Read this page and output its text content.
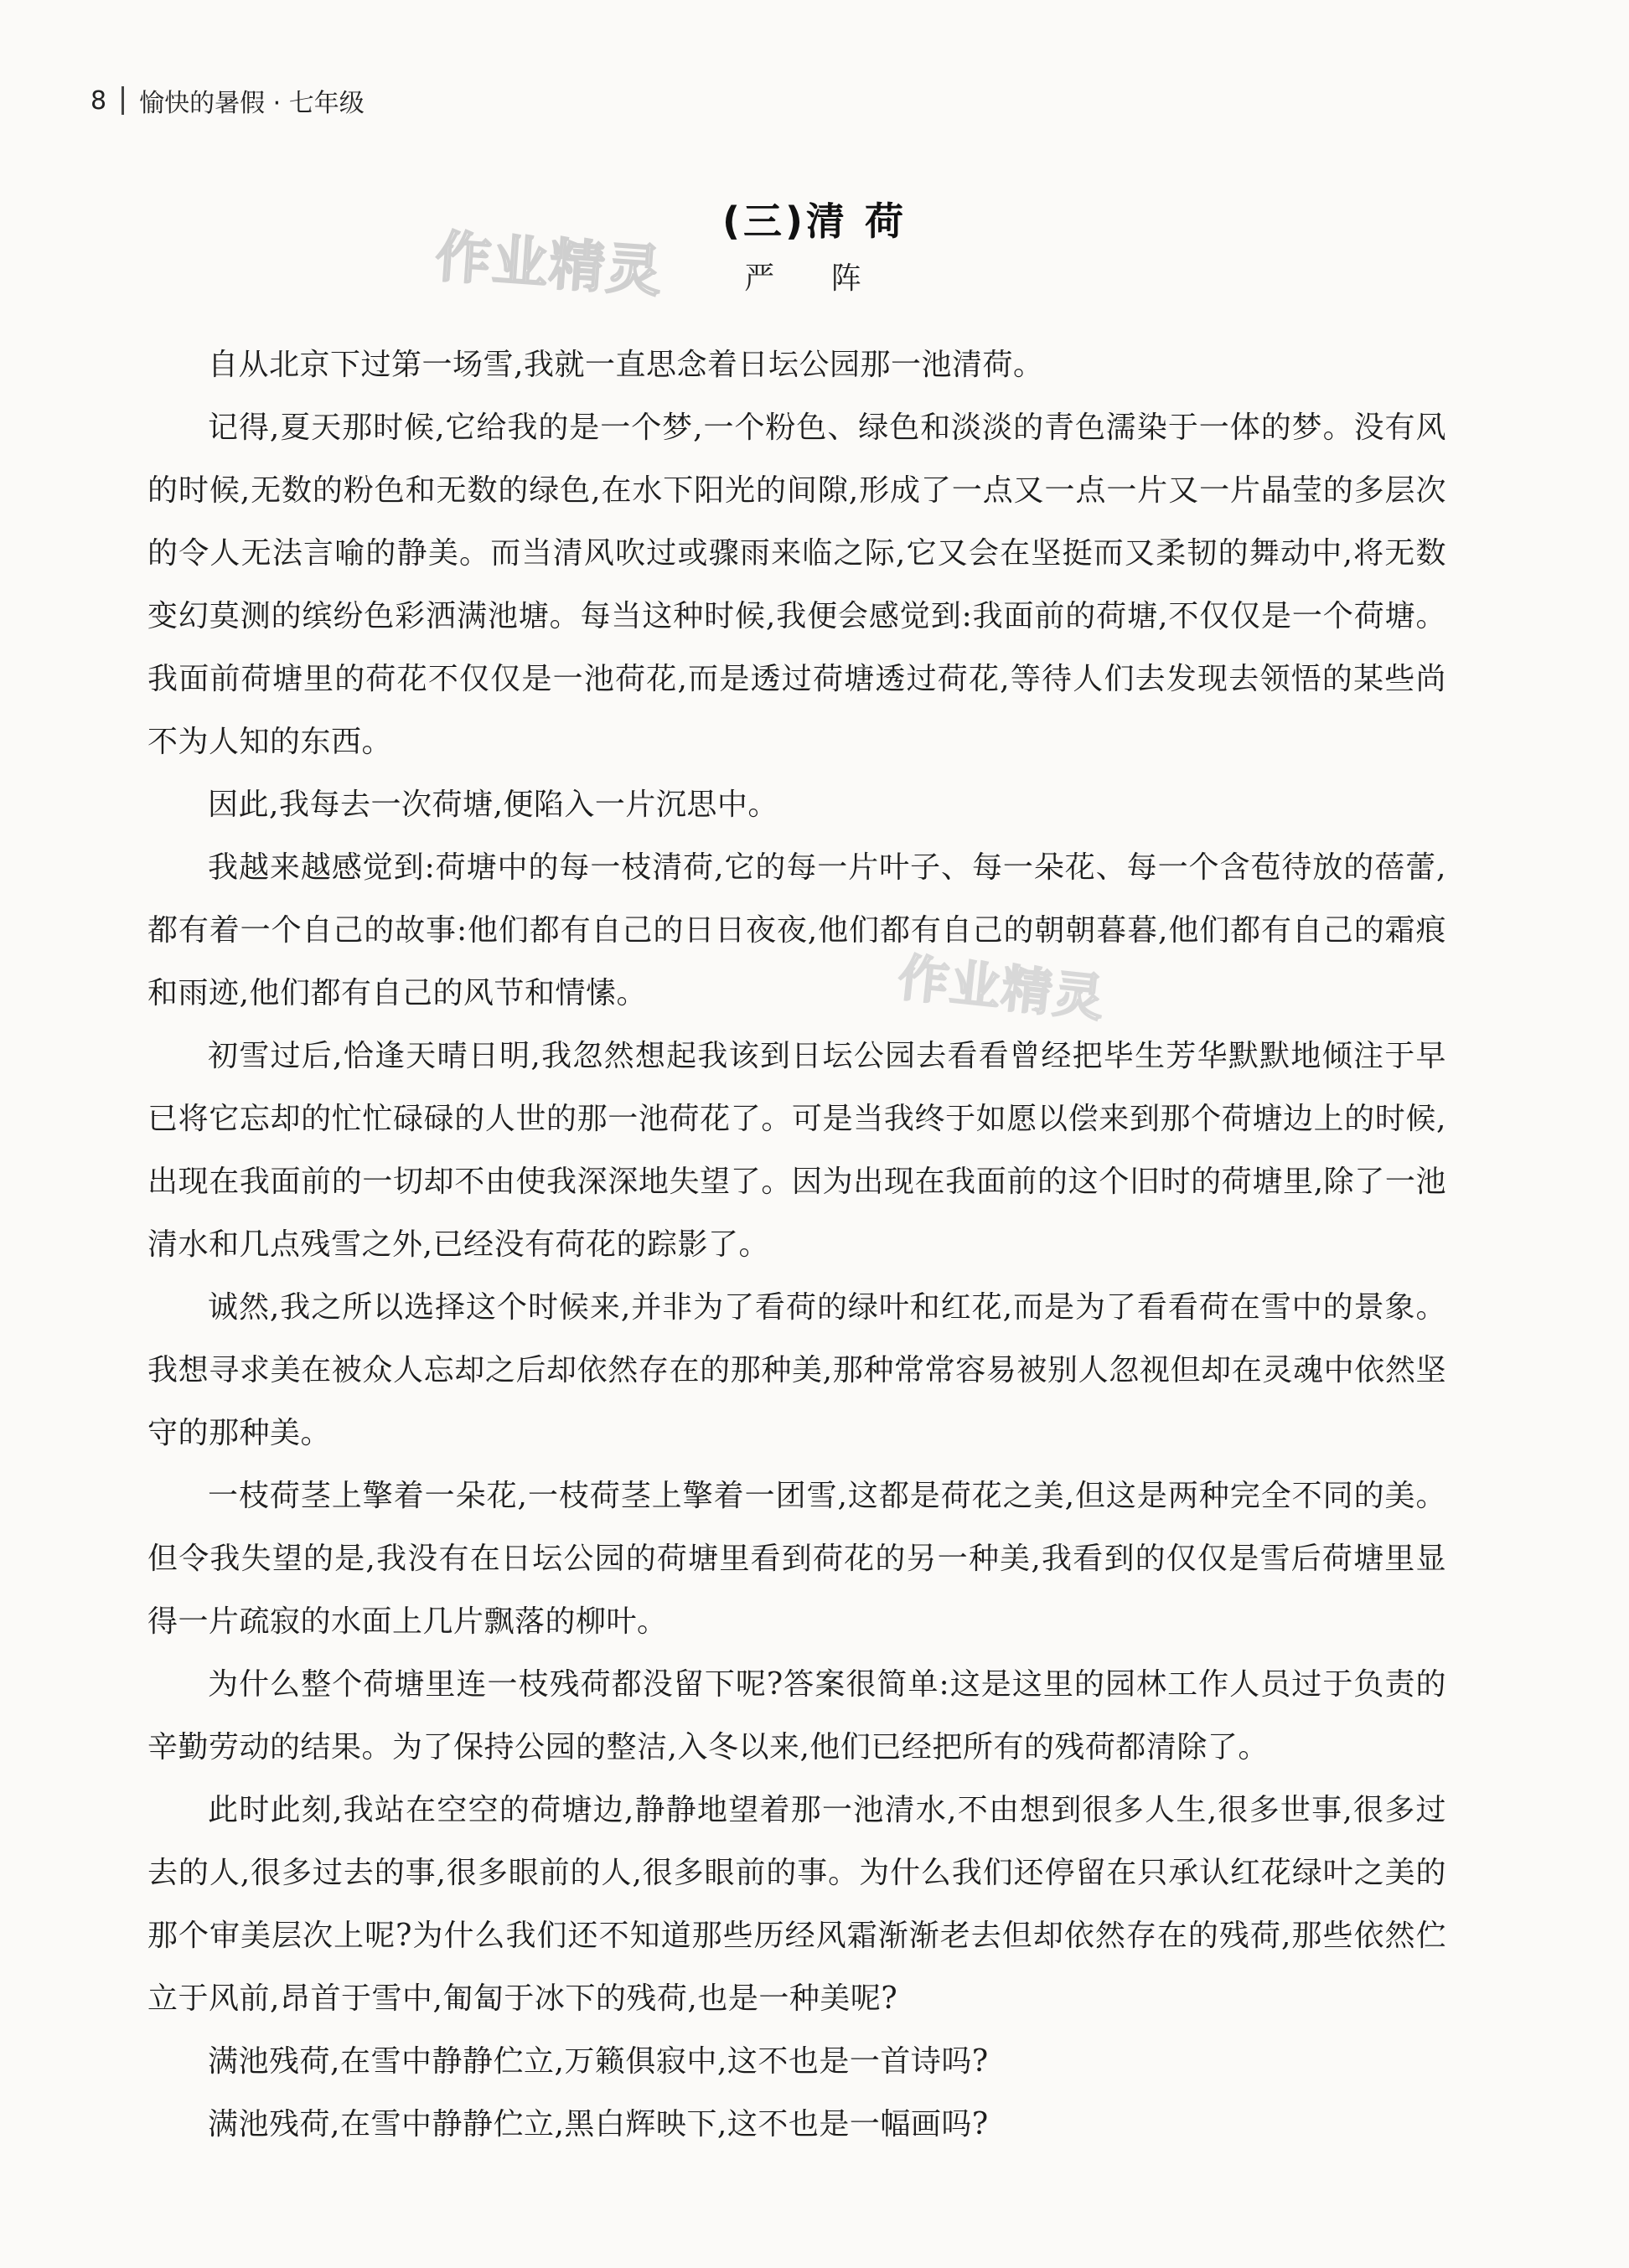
8 愉快的暑假 · 七年级
作业精灵
作业精灵
(三)清 荷
严 阵

自从北京下过第一场雪,我就一直思念着日坛公园那一池清荷。

记得,夏天那时候,它给我的是一个梦,一个粉色、绿色和淡淡的青色濡染于一体的梦。没有风的时候,无数的粉色和无数的绿色,在水下阳光的间隙,形成了一点又一点一片又一片晶莹的多层次的令人无法言喻的静美。而当清风吹过或骤雨来临之际,它又会在坚挺而又柔韧的舞动中,将无数变幻莫测的缤纷色彩洒满池塘。每当这种时候,我便会感觉到:我面前的荷塘,不仅仅是一个荷塘。我面前荷塘里的荷花不仅仅是一池荷花,而是透过荷塘透过荷花,等待人们去发现去领悟的某些尚不为人知的东西。

因此,我每去一次荷塘,便陷入一片沉思中。

我越来越感觉到:荷塘中的每一枝清荷,它的每一片叶子、每一朵花、每一个含苞待放的蓓蕾,都有着一个自己的故事:他们都有自己的日日夜夜,他们都有自己的朝朝暮暮,他们都有自己的霜痕和雨迹,他们都有自己的风节和情愫。

初雪过后,恰逢天晴日明,我忽然想起我该到日坛公园去看看曾经把毕生芳华默默地倾注于早已将它忘却的忙忙碌碌的人世的那一池荷花了。可是当我终于如愿以偿来到那个荷塘边上的时候,出现在我面前的一切却不由使我深深地失望了。因为出现在我面前的这个旧时的荷塘里,除了一池清水和几点残雪之外,已经没有荷花的踪影了。

诚然,我之所以选择这个时候来,并非为了看荷的绿叶和红花,而是为了看看荷在雪中的景象。我想寻求美在被众人忘却之后却依然存在的那种美,那种常常容易被别人忽视但却在灵魂中依然坚守的那种美。

一枝荷茎上擎着一朵花,一枝荷茎上擎着一团雪,这都是荷花之美,但这是两种完全不同的美。但令我失望的是,我没有在日坛公园的荷塘里看到荷花的另一种美,我看到的仅仅是雪后荷塘里显得一片疏寂的水面上几片飘落的柳叶。

为什么整个荷塘里连一枝残荷都没留下呢?答案很简单:这是这里的园林工作人员过于负责的辛勤劳动的结果。为了保持公园的整洁,入冬以来,他们已经把所有的残荷都清除了。

此时此刻,我站在空空的荷塘边,静静地望着那一池清水,不由想到很多人生,很多世事,很多过去的人,很多过去的事,很多眼前的人,很多眼前的事。为什么我们还停留在只承认红花绿叶之美的那个审美层次上呢?为什么我们还不知道那些历经风霜渐渐老去但却依然存在的残荷,那些依然伫立于风前,昂首于雪中,匍匐于冰下的残荷,也是一种美呢?

满池残荷,在雪中静静伫立,万籁俱寂中,这不也是一首诗吗?

满池残荷,在雪中静静伫立,黑白辉映下,这不也是一幅画吗?
